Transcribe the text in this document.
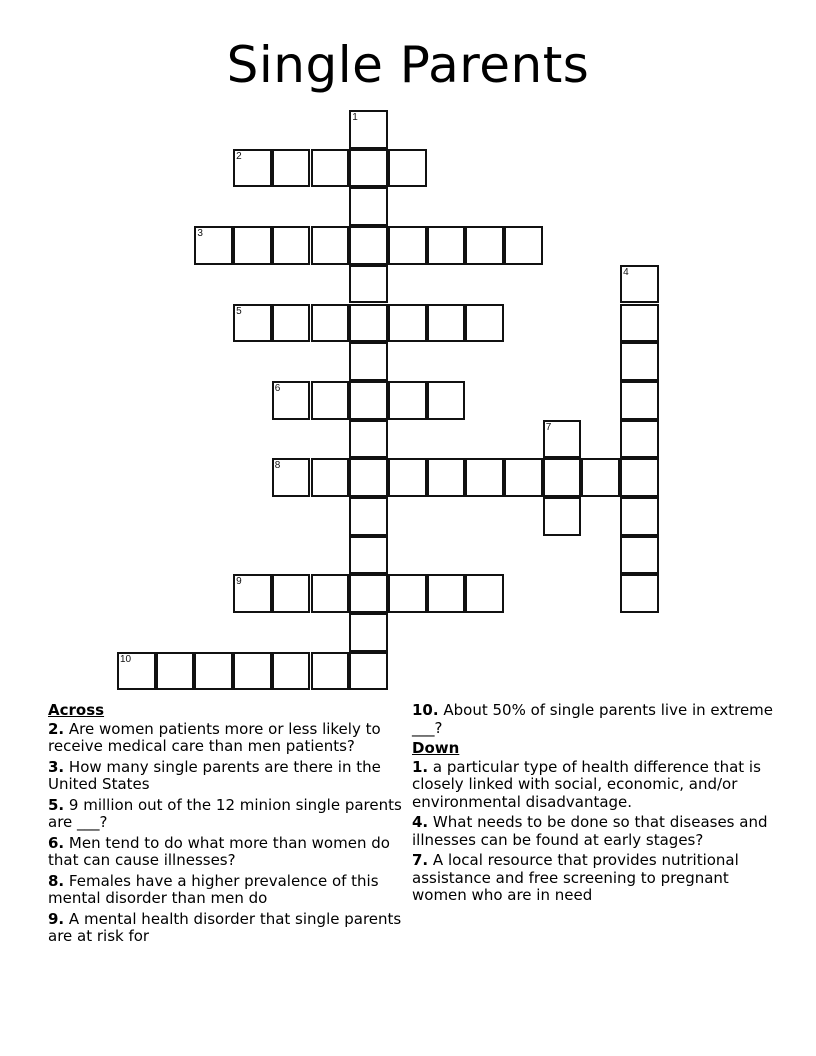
Single Parents
1
2
3
4
5
6
7
8
9
10
Across
2. Are women patients more or less likely to receive medical care than men patients?
3. How many single parents are there in the United States
5. 9 million out of the 12 minion single parents are ___?
6. Men tend to do what more than women do that can cause illnesses?
8. Females have a higher prevalence of this mental disorder than men do
9. A mental health disorder that single parents are at risk for
10. About 50% of single parents live in extreme ___?
Down
1. a particular type of health difference that is closely linked with social, economic, and/or environmental disadvantage.
4. What needs to be done so that diseases and illnesses can be found at early stages?
7. A local resource that provides nutritional assistance and free screening to pregnant women who are in need
